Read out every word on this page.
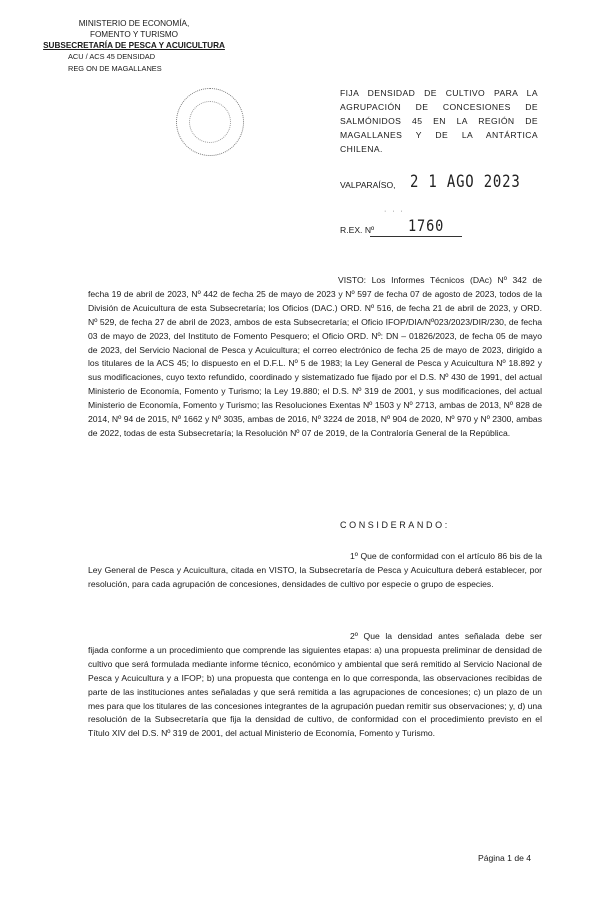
MINISTERIO DE ECONOMÍA,
FOMENTO Y TURISMO
SUBSECRETARÍA DE PESCA Y ACUICULTURA
ACU / ACS 45 DENSIDAD
REG ON DE MAGALLANES
FIJA DENSIDAD DE CULTIVO PARA LA AGRUPACIÓN DE CONCESIONES DE SALMÓNIDOS 45 EN LA REGIÓN DE MAGALLANES Y DE LA ANTÁRTICA CHILENA.
VALPARAÍSO, 2 1 AGO 2023
· · ·
R.EX. Nº 1760
VISTO: Los Informes Técnicos (DAc) Nº 342 de fecha 19 de abril de 2023, Nº 442 de fecha 25 de mayo de 2023 y Nº 597 de fecha 07 de agosto de 2023, todos de la División de Acuicultura de esta Subsecretaría; los Oficios (DAC.) ORD. Nº 516, de fecha 21 de abril de 2023, y ORD. Nº 529, de fecha 27 de abril de 2023, ambos de esta Subsecretaría; el Oficio IFOP/DIA/Nº023/2023/DIR/230, de fecha 03 de mayo de 2023, del Instituto de Fomento Pesquero; el Oficio ORD. Nº: DN – 01826/2023, de fecha 05 de mayo de 2023, del Servicio Nacional de Pesca y Acuicultura; el correo electrónico de fecha 25 de mayo de 2023, dirigido a los titulares de la ACS 45; lo dispuesto en el D.F.L. Nº 5 de 1983; la Ley General de Pesca y Acuicultura Nº 18.892 y sus modificaciones, cuyo texto refundido, coordinado y sistematizado fue fijado por el D.S. Nº 430 de 1991, del actual Ministerio de Economía, Fomento y Turismo; la Ley 19.880; el D.S. Nº 319 de 2001, y sus modificaciones, del actual Ministerio de Economía, Fomento y Turismo; las Resoluciones Exentas Nº 1503 y Nº 2713, ambas de 2013, Nº 828 de 2014, Nº 94 de 2015, Nº 1662 y Nº 3035, ambas de 2016, Nº 3224 de 2018, Nº 904 de 2020, Nº 970 y Nº 2300, ambas de 2022, todas de esta Subsecretaría; la Resolución Nº 07 de 2019, de la Contraloría General de la República.
CONSIDERANDO:
1º Que de conformidad con el artículo 86 bis de la Ley General de Pesca y Acuicultura, citada en VISTO, la Subsecretaría de Pesca y Acuicultura deberá establecer, por resolución, para cada agrupación de concesiones, densidades de cultivo por especie o grupo de especies.
2º Que la densidad antes señalada debe ser fijada conforme a un procedimiento que comprende las siguientes etapas: a) una propuesta preliminar de densidad de cultivo que será formulada mediante informe técnico, económico y ambiental que será remitido al Servicio Nacional de Pesca y Acuicultura y a IFOP; b) una propuesta que contenga en lo que corresponda, las observaciones recibidas de parte de las instituciones antes señaladas y que será remitida a las agrupaciones de concesiones; c) un plazo de un mes para que los titulares de las concesiones integrantes de la agrupación puedan remitir sus observaciones; y, d) una resolución de la Subsecretaría que fija la densidad de cultivo, de conformidad con el procedimiento previsto en el Título XIV del D.S. Nº 319 de 2001, del actual Ministerio de Economía, Fomento y Turismo.
Página 1 de 4
